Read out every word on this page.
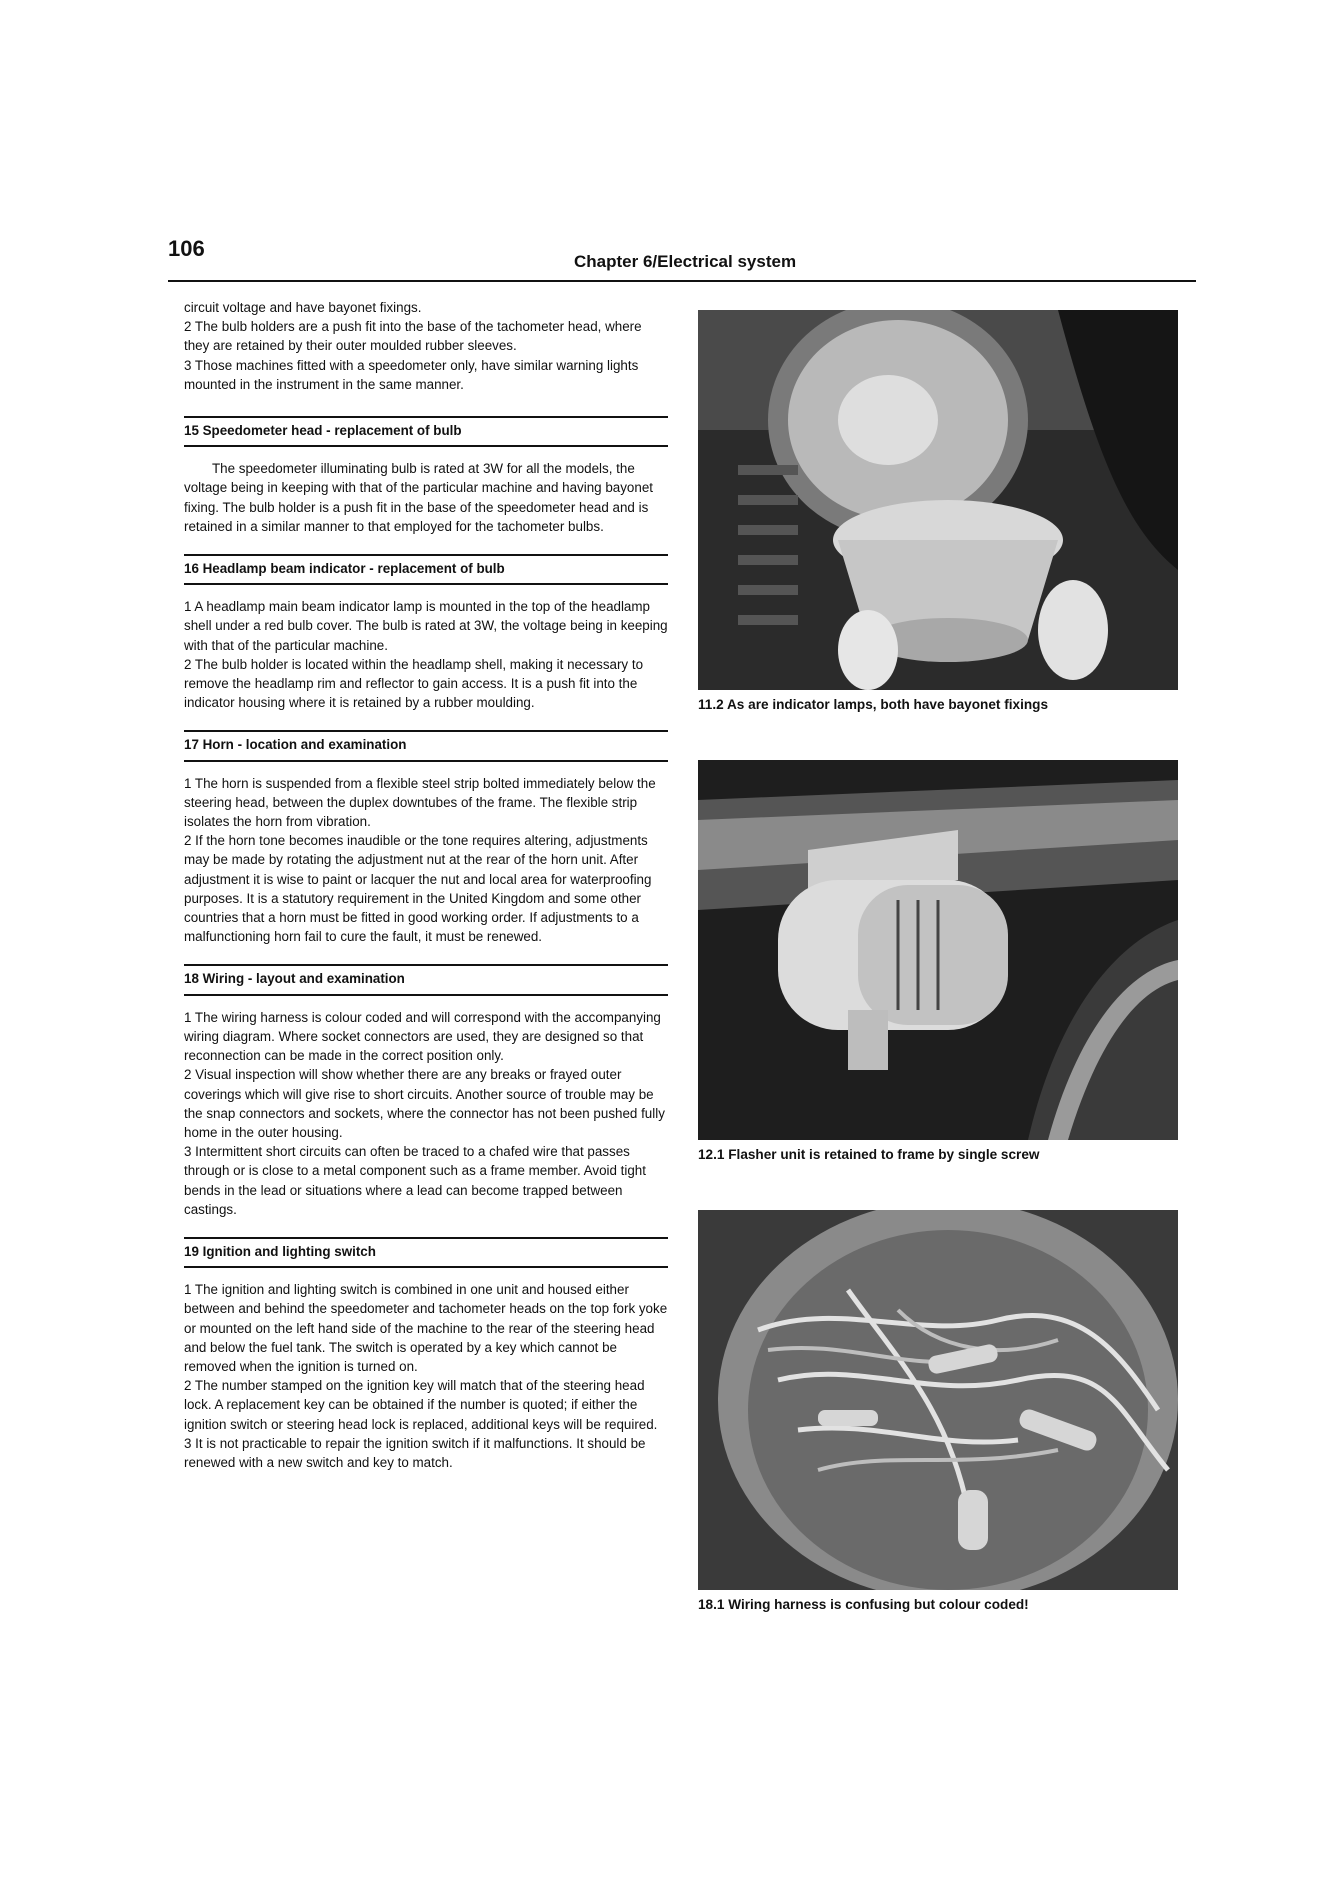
106
Chapter 6/Electrical system

circuit voltage and have bayonet fixings.

2 The bulb holders are a push fit into the base of the tachometer head, where they are retained by their outer moulded rubber sleeves.

3 Those machines fitted with a speedometer only, have similar warning lights mounted in the instrument in the same manner.

15 Speedometer head - replacement of bulb

The speedometer illuminating bulb is rated at 3W for all the models, the voltage being in keeping with that of the particular machine and having bayonet fixing. The bulb holder is a push fit in the base of the speedometer head and is retained in a similar manner to that employed for the tachometer bulbs.

16 Headlamp beam indicator - replacement of bulb

1 A headlamp main beam indicator lamp is mounted in the top of the headlamp shell under a red bulb cover. The bulb is rated at 3W, the voltage being in keeping with that of the particular machine.

2 The bulb holder is located within the headlamp shell, making it necessary to remove the headlamp rim and reflector to gain access. It is a push fit into the indicator housing where it is retained by a rubber moulding.

17 Horn - location and examination

1 The horn is suspended from a flexible steel strip bolted immediately below the steering head, between the duplex downtubes of the frame. The flexible strip isolates the horn from vibration.

2 If the horn tone becomes inaudible or the tone requires altering, adjustments may be made by rotating the adjustment nut at the rear of the horn unit. After adjustment it is wise to paint or lacquer the nut and local area for waterproofing purposes. It is a statutory requirement in the United Kingdom and some other countries that a horn must be fitted in good working order. If adjustments to a malfunctioning horn fail to cure the fault, it must be renewed.

18 Wiring - layout and examination

1 The wiring harness is colour coded and will correspond with the accompanying wiring diagram. Where socket connectors are used, they are designed so that reconnection can be made in the correct position only.

2 Visual inspection will show whether there are any breaks or frayed outer coverings which will give rise to short circuits. Another source of trouble may be the snap connectors and sockets, where the connector has not been pushed fully home in the outer housing.

3 Intermittent short circuits can often be traced to a chafed wire that passes through or is close to a metal component such as a frame member. Avoid tight bends in the lead or situations where a lead can become trapped between castings.

19 Ignition and lighting switch

1 The ignition and lighting switch is combined in one unit and housed either between and behind the speedometer and tachometer heads on the top fork yoke or mounted on the left hand side of the machine to the rear of the steering head and below the fuel tank. The switch is operated by a key which cannot be removed when the ignition is turned on.

2 The number stamped on the ignition key will match that of the steering head lock. A replacement key can be obtained if the number is quoted; if either the ignition switch or steering head lock is replaced, additional keys will be required.

3 It is not practicable to repair the ignition switch if it malfunctions. It should be renewed with a new switch and key to match.

11.2 As are indicator lamps, both have bayonet fixings
12.1 Flasher unit is retained to frame by single screw
18.1 Wiring harness is confusing but colour coded!
